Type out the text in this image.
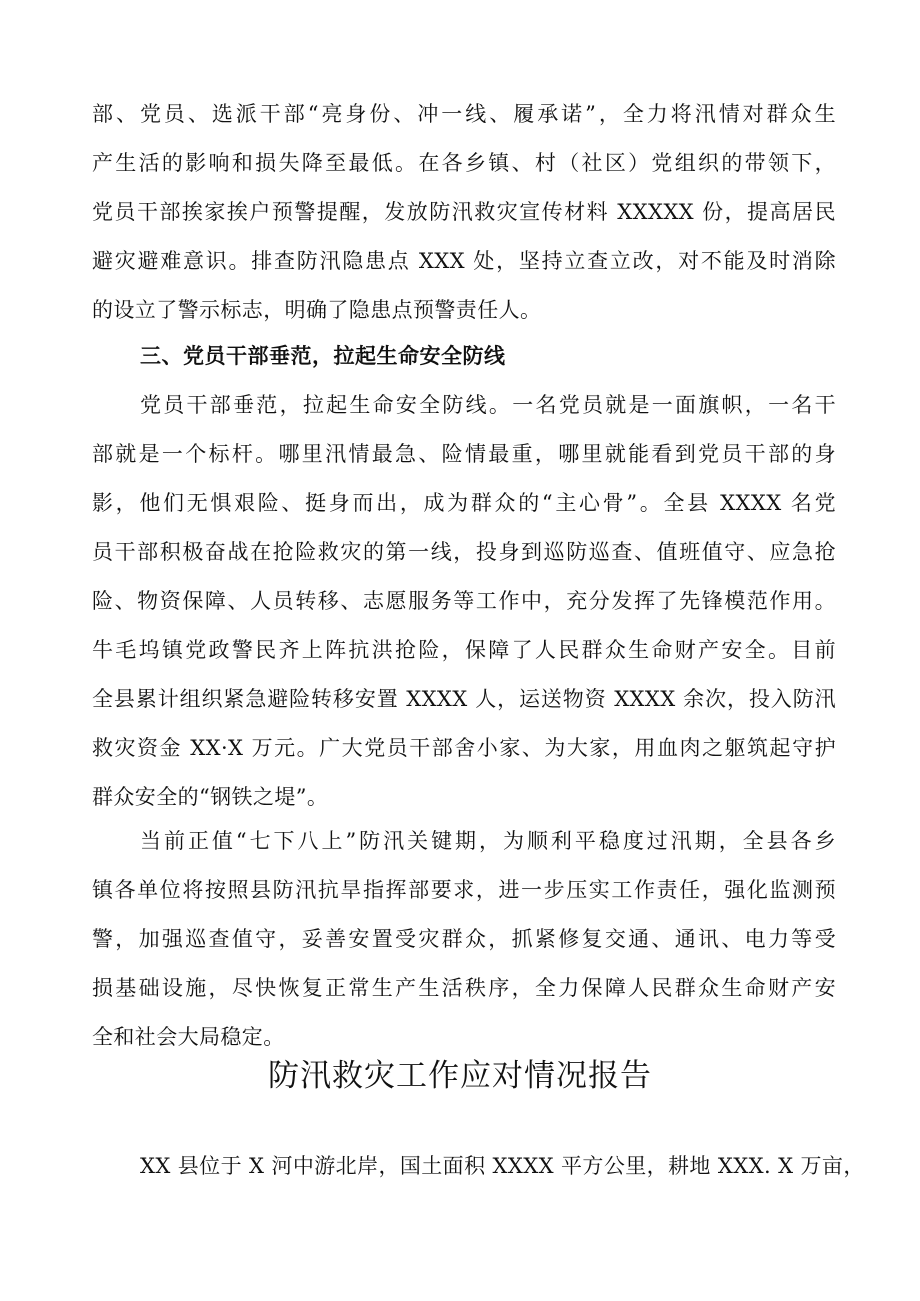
部、党员、选派干部“亮身份、冲一线、履承诺”，全力将汛情对群众生
产生活的影响和损失降至最低。在各乡镇、村（社区）党组织的带领下，
党员干部挨家挨户预警提醒，发放防汛救灾宣传材料 XXXXX 份，提高居民
避灾避难意识。排查防汛隐患点 XXX 处，坚持立查立改，对不能及时消除
的设立了警示标志，明确了隐患点预警责任人。
三、党员干部垂范，拉起生命安全防线
党员干部垂范，拉起生命安全防线。一名党员就是一面旗帜，一名干
部就是一个标杆。哪里汛情最急、险情最重，哪里就能看到党员干部的身
影，他们无惧艰险、挺身而出，成为群众的“主心骨”。全县 XXXX 名党
员干部积极奋战在抢险救灾的第一线，投身到巡防巡查、值班值守、应急抢
险、物资保障、人员转移、志愿服务等工作中，充分发挥了先锋模范作用。
牛毛坞镇党政警民齐上阵抗洪抢险，保障了人民群众生命财产安全。目前
全县累计组织紧急避险转移安置 XXXX 人，运送物资 XXXX 余次，投入防汛
救灾资金 XX·X 万元。广大党员干部舍小家、为大家，用血肉之躯筑起守护
群众安全的“钢铁之堤”。
当前正值“七下八上”防汛关键期，为顺利平稳度过汛期，全县各乡
镇各单位将按照县防汛抗旱指挥部要求，进一步压实工作责任，强化监测预
警，加强巡查值守，妥善安置受灾群众，抓紧修复交通、通讯、电力等受
损基础设施，尽快恢复正常生产生活秩序，全力保障人民群众生命财产安
全和社会大局稳定。
防汛救灾工作应对情况报告
XX 县位于 X 河中游北岸，国土面积 XXXX 平方公里，耕地 XXX. X 万亩，
